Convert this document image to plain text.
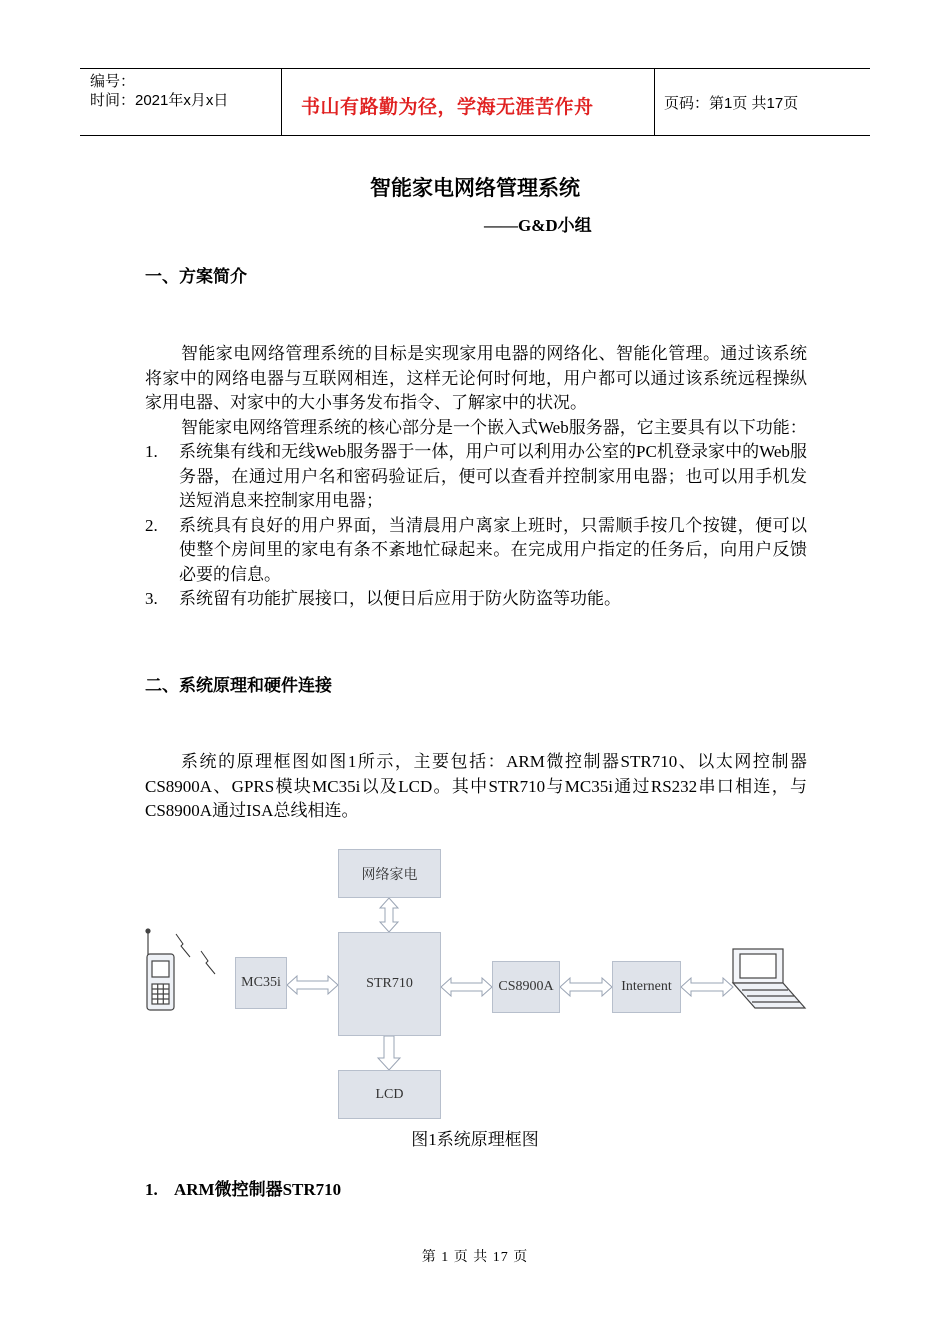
编号：
时间：2021年x月x日	书山有路勤为径，学海无涯苦作舟	页码：第1页 共17页
智能家电网络管理系统
——G&D小组
一、方案简介

智能家电网络管理系统的目标是实现家用电器的网络化、智能化管理。通过该系统将家中的网络电器与互联网相连，这样无论何时何地，用户都可以通过该系统远程操纵家用电器、对家中的大小事务发布指令、了解家中的状况。

智能家电网络管理系统的核心部分是一个嵌入式Web服务器，它主要具有以下功能：

1. 系统集有线和无线Web服务器于一体，用户可以利用办公室的PC机登录家中的Web服务器，在通过用户名和密码验证后，便可以查看并控制家用电器；也可以用手机发送短消息来控制家用电器；
2. 系统具有良好的用户界面，当清晨用户离家上班时，只需顺手按几个按键，便可以使整个房间里的家电有条不紊地忙碌起来。在完成用户指定的任务后，向用户反馈必要的信息。
3. 系统留有功能扩展接口，以便日后应用于防火防盗等功能。
二、系统原理和硬件连接

系统的原理框图如图1所示，主要包括：ARM微控制器STR710、以太网控制器CS8900A、GPRS模块MC35i以及LCD。其中STR710与MC35i通过RS232串口相连，与CS8900A通过ISA总线相连。

网络家电
MC35i	STR710	CS8900A	Internent
LCD
图1系统原理框图
1. ARM微控制器STR710
第 1 页 共 17 页
